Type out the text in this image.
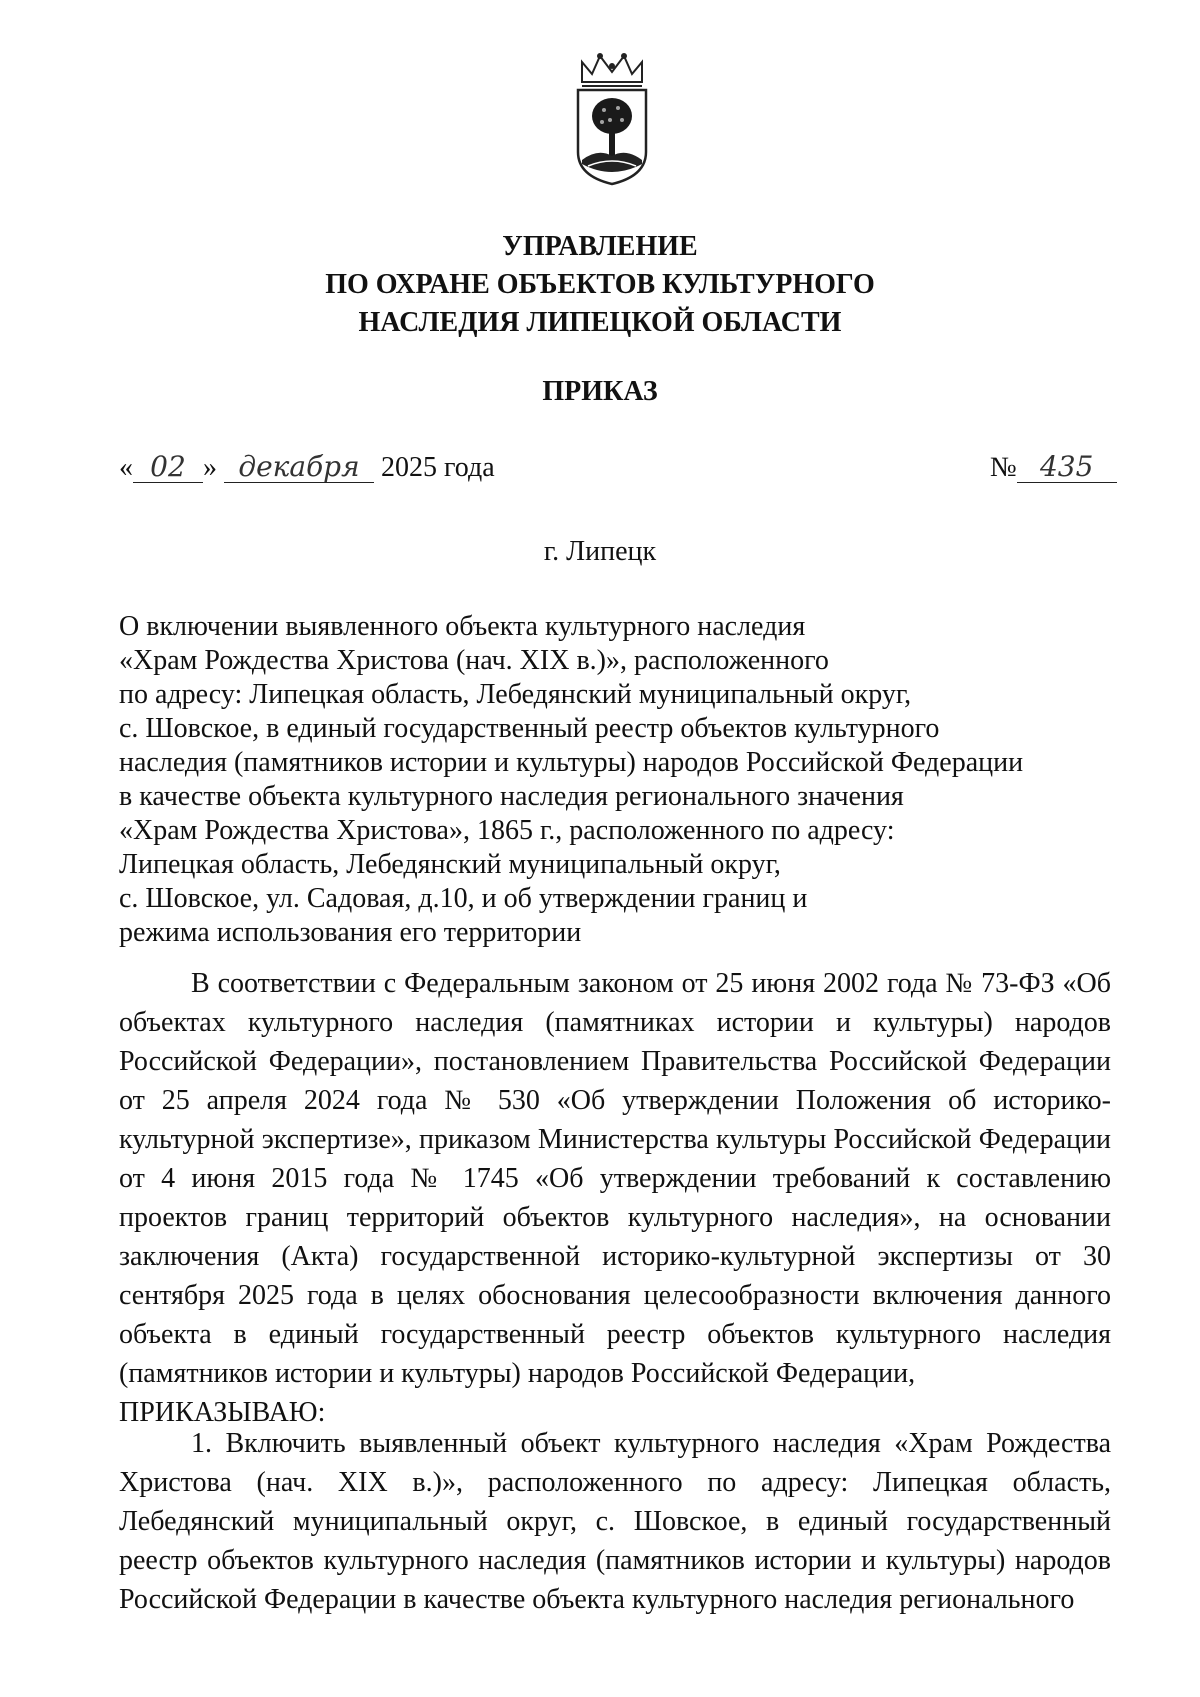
УПРАВЛЕНИЕ
ПО ОХРАНЕ ОБЪЕКТОВ КУЛЬТУРНОГО
НАСЛЕДИЯ ЛИПЕЦКОЙ ОБЛАСТИ
ПРИКАЗ
« 02 » декабря 2025 года	№ 435
г. Липецк
О включении выявленного объекта культурного наследия
«Храм Рождества Христова (нач. XIX в.)», расположенного
по адресу: Липецкая область, Лебедянский муниципальный округ,
с. Шовское, в единый государственный реестр объектов культурного
наследия (памятников истории и культуры) народов Российской Федерации
в качестве объекта культурного наследия регионального значения
«Храм Рождества Христова», 1865 г., расположенного по адресу:
Липецкая область, Лебедянский муниципальный округ,
с. Шовское, ул. Садовая, д.10, и об утверждении границ и
режима использования его территории
В соответствии с Федеральным законом от 25 июня 2002 года № 73-ФЗ «Об объектах культурного наследия (памятниках истории и культуры) народов Российской Федерации», постановлением Правительства Российской Федерации от 25 апреля 2024 года № 530 «Об утверждении Положения об историко-культурной экспертизе», приказом Министерства культуры Российской Федерации от 4 июня 2015 года № 1745 «Об утверждении требований к составлению проектов границ территорий объектов культурного наследия», на основании заключения (Акта) государственной историко-культурной экспертизы от 30 сентября 2025 года в целях обоснования целесообразности включения данного объекта в единый государственный реестр объектов культурного наследия (памятников истории и культуры) народов Российской Федерации,
ПРИКАЗЫВАЮ:
1. Включить выявленный объект культурного наследия «Храм Рождества Христова (нач. XIX в.)», расположенного по адресу: Липецкая область, Лебедянский муниципальный округ, с. Шовское, в единый государственный реестр объектов культурного наследия (памятников истории и культуры) народов Российской Федерации в качестве объекта культурного наследия регионального
